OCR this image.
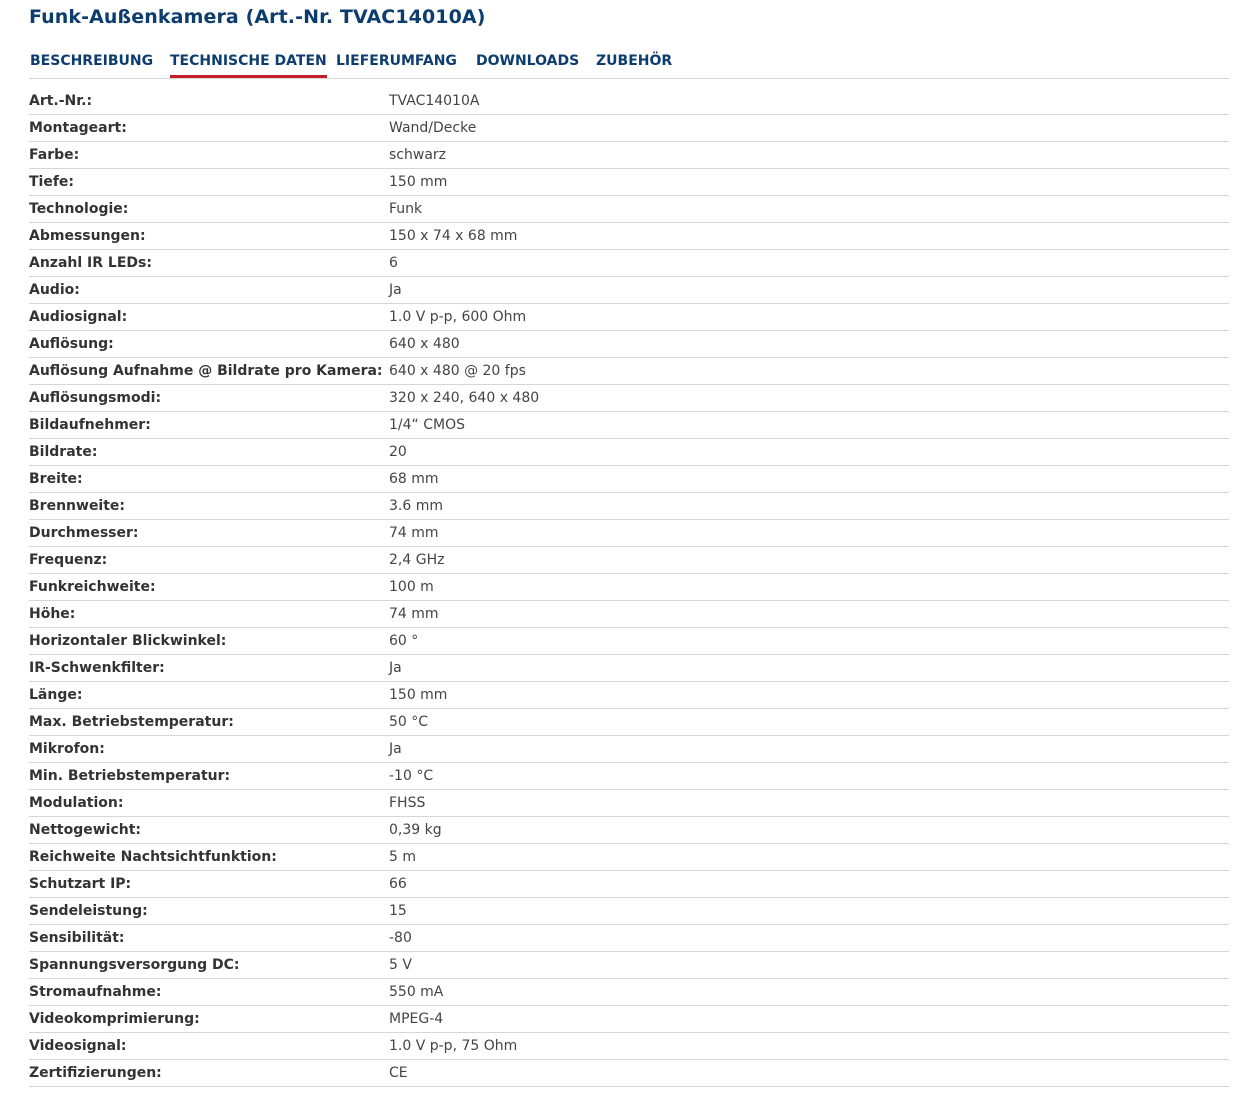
Funk-Außenkamera (Art.-Nr. TVAC14010A)
BESCHREIBUNG TECHNISCHE DATEN LIEFERUMFANG DOWNLOADS ZUBEHÖR
Art.-Nr.:	TVAC14010A
Montageart:	Wand/Decke
Farbe:	schwarz
Tiefe:	150 mm
Technologie:	Funk
Abmessungen:	150 x 74 x 68 mm
Anzahl IR LEDs:	6
Audio:	Ja
Audiosignal:	1.0 V p-p, 600 Ohm
Auflösung:	640 x 480
Auflösung Aufnahme @ Bildrate pro Kamera:	640 x 480 @ 20 fps
Auflösungsmodi:	320 x 240, 640 x 480
Bildaufnehmer:	1/4“ CMOS
Bildrate:	20
Breite:	68 mm
Brennweite:	3.6 mm
Durchmesser:	74 mm
Frequenz:	2,4 GHz
Funkreichweite:	100 m
Höhe:	74 mm
Horizontaler Blickwinkel:	60 °
IR-Schwenkfilter:	Ja
Länge:	150 mm
Max. Betriebstemperatur:	50 °C
Mikrofon:	Ja
Min. Betriebstemperatur:	-10 °C
Modulation:	FHSS
Nettogewicht:	0,39 kg
Reichweite Nachtsichtfunktion:	5 m
Schutzart IP:	66
Sendeleistung:	15
Sensibilität:	-80
Spannungsversorgung DC:	5 V
Stromaufnahme:	550 mA
Videokomprimierung:	MPEG-4
Videosignal:	1.0 V p-p, 75 Ohm
Zertifizierungen:	CE
